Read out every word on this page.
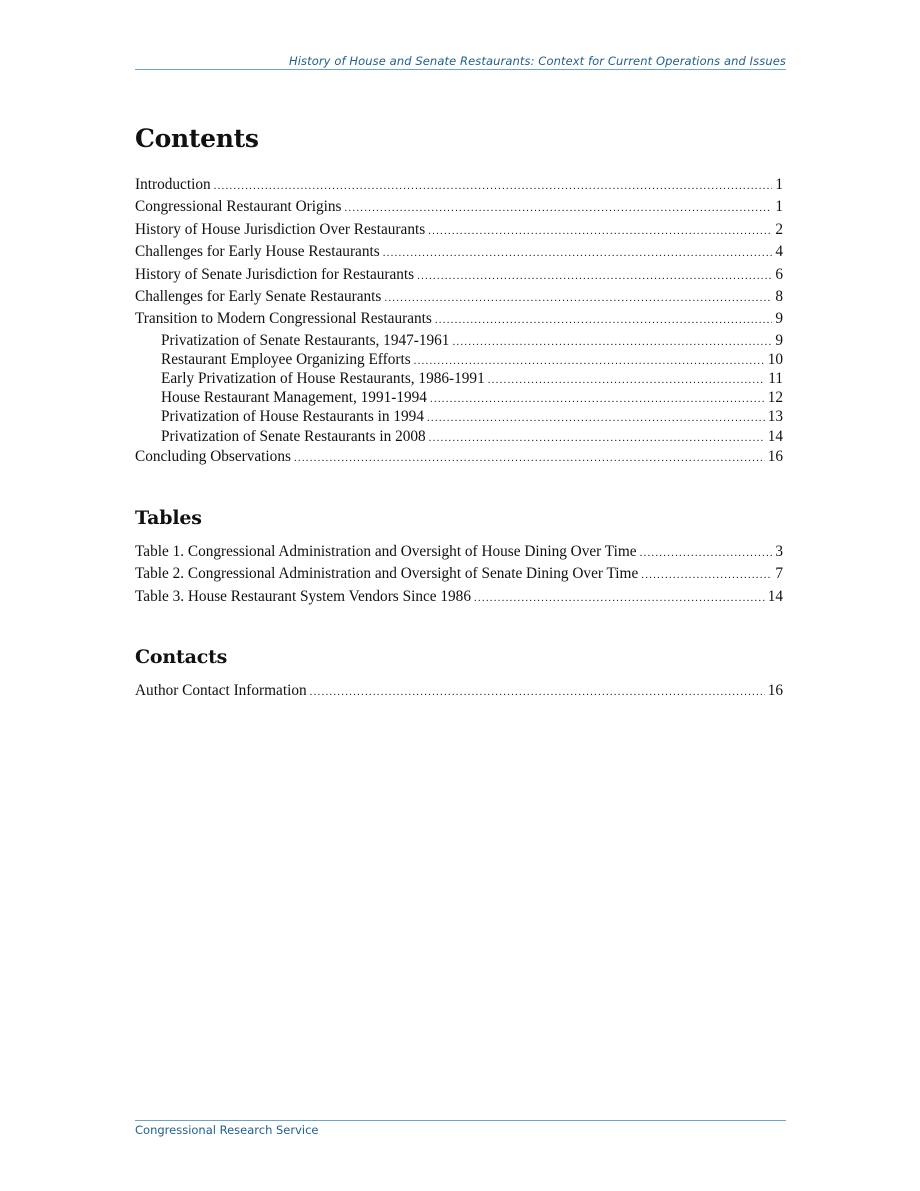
History of House and Senate Restaurants: Context for Current Operations and Issues
Contents
Introduction .....	1
Congressional Restaurant Origins .....	1
History of House Jurisdiction Over Restaurants .....	2
Challenges for Early House Restaurants .....	4
History of Senate Jurisdiction for Restaurants .....	6
Challenges for Early Senate Restaurants .....	8
Transition to Modern Congressional Restaurants .....	9
Privatization of Senate Restaurants, 1947-1961 .....	9
Restaurant Employee Organizing Efforts .....	10
Early Privatization of House Restaurants, 1986-1991 .....	11
House Restaurant Management, 1991-1994 .....	12
Privatization of House Restaurants in 1994 .....	13
Privatization of Senate Restaurants in 2008 .....	14
Concluding Observations .....	16
Tables
Table 1. Congressional Administration and Oversight of House Dining Over Time .....	3
Table 2. Congressional Administration and Oversight of Senate Dining Over Time .....	7
Table 3. House Restaurant System Vendors Since 1986 .....	14
Contacts
Author Contact Information .....	16
Congressional Research Service
